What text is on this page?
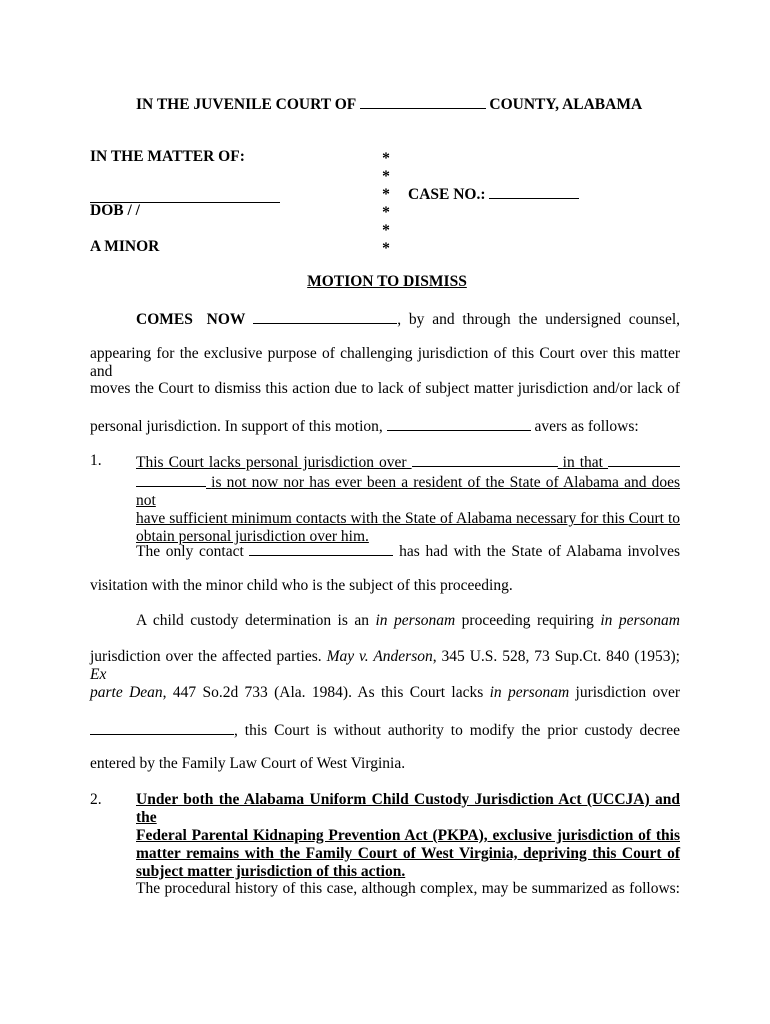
IN THE JUVENILE COURT OF	COUNTY, ALABAMA
IN THE MATTER OF:
DOB / /
A MINOR
*
*
*
*
*
*
CASE NO.:
MOTION TO DISMISS
COMES NOW	, by and through the undersigned counsel,
appearing for the exclusive purpose of challenging jurisdiction of this Court over this matter and
moves the Court to dismiss this action due to lack of subject matter jurisdiction and/or lack of
personal jurisdiction. In support of this motion,	avers as follows:
1. This Court lacks personal jurisdiction over	in that
is not now nor has ever been a resident of the State of Alabama and does not
have sufficient minimum contacts with the State of Alabama necessary for this Court to
obtain personal jurisdiction over him.
The only contact	has had with the State of Alabama involves
visitation with the minor child who is the subject of this proceeding.
A child custody determination is an in personam proceeding requiring in personam
jurisdiction over the affected parties. May v. Anderson, 345 U.S. 528, 73 Sup.Ct. 840 (1953); Ex
parte Dean, 447 So.2d 733 (Ala. 1984). As this Court lacks in personam jurisdiction over
, this Court is without authority to modify the prior custody decree
entered by the Family Law Court of West Virginia.
2. Under both the Alabama Uniform Child Custody Jurisdiction Act (UCCJA) and the
Federal Parental Kidnaping Prevention Act (PKPA), exclusive jurisdiction of this
matter remains with the Family Court of West Virginia, depriving this Court of
subject matter jurisdiction of this action.
The procedural history of this case, although complex, may be summarized as follows:
